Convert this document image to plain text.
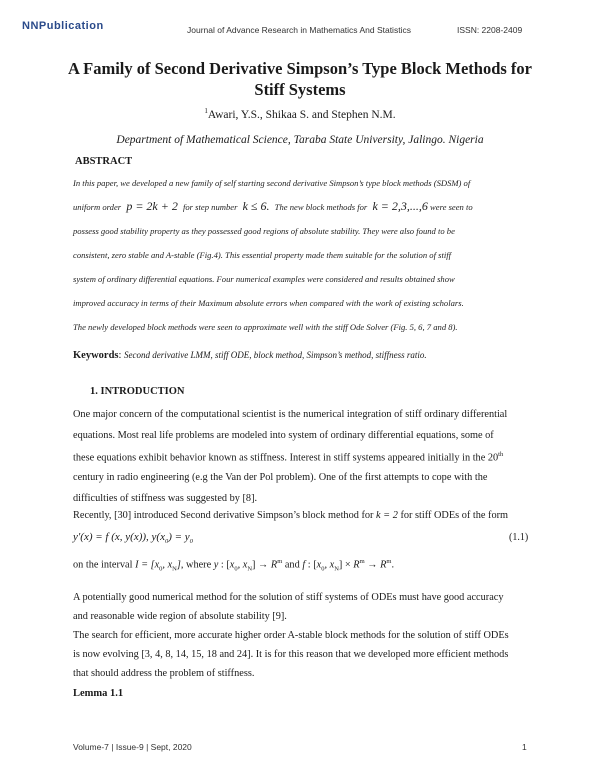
NNPublication	Journal of Advance Research in Mathematics And Statistics	ISSN: 2208-2409
A Family of Second Derivative Simpson’s Type Block Methods for
Stiff Systems
$^1$Awari, Y.S., Shikaa S. and Stephen N.M.
Department of Mathematical Science, Taraba State University, Jalingo. Nigeria
ABSTRACT
In this paper, we developed a new family of self starting second derivative Simpson’s type block methods (SDSM) of
uniform order p = 2k + 2 for step number k ≤ 6. The new block methods for k = 2,3,...,6 were seen to
possess good stability property as they possessed good regions of absolute stability. They were also found to be
consistent, zero stable and A-stable (Fig.4). This essential property made them suitable for the solution of stiff
system of ordinary differential equations. Four numerical examples were considered and results obtained show
improved accuracy in terms of their Maximum absolute errors when compared with the work of existing scholars.
The newly developed block methods were seen to approximate well with the stiff Ode Solver (Fig. 5, 6, 7 and 8).
Keywords: Second derivative LMM, stiff ODE, block method, Simpson’s method, stiffness ratio.
1. INTRODUCTION
One major concern of the computational scientist is the numerical integration of stiff ordinary differential
equations. Most real life problems are modeled into system of ordinary differential equations, some of
these equations exhibit behavior known as stiffness. Interest in stiff systems appeared initially in the 20th
century in radio engineering (e.g the Van der Pol problem). One of the first attempts to cope with the
difficulties of stiffness was suggested by [8].
Recently, [30] introduced Second derivative Simpson’s block method for k = 2 for stiff ODEs of the form
y′(x) = f (x, y(x)), $y(x_0) = y_0$	(1.1)
on the interval $I = [x_0$, $x_N$], where y : [$x_0$, $x_N] \to R^m$ and f : [$x_0$, $x_N] \times R^m \to R^m$.
A potentially good numerical method for the solution of stiff systems of ODEs must have good accuracy
and reasonable wide region of absolute stability [9].
The search for efficient, more accurate higher order A-stable block methods for the solution of stiff ODEs
is now evolving [3, 4, 8, 14, 15, 18 and 24]. It is for this reason that we developed more efficient methods
that should address the problem of stiffness.
Lemma 1.1
Volume-7 | Issue-9 | Sept, 2020	1
